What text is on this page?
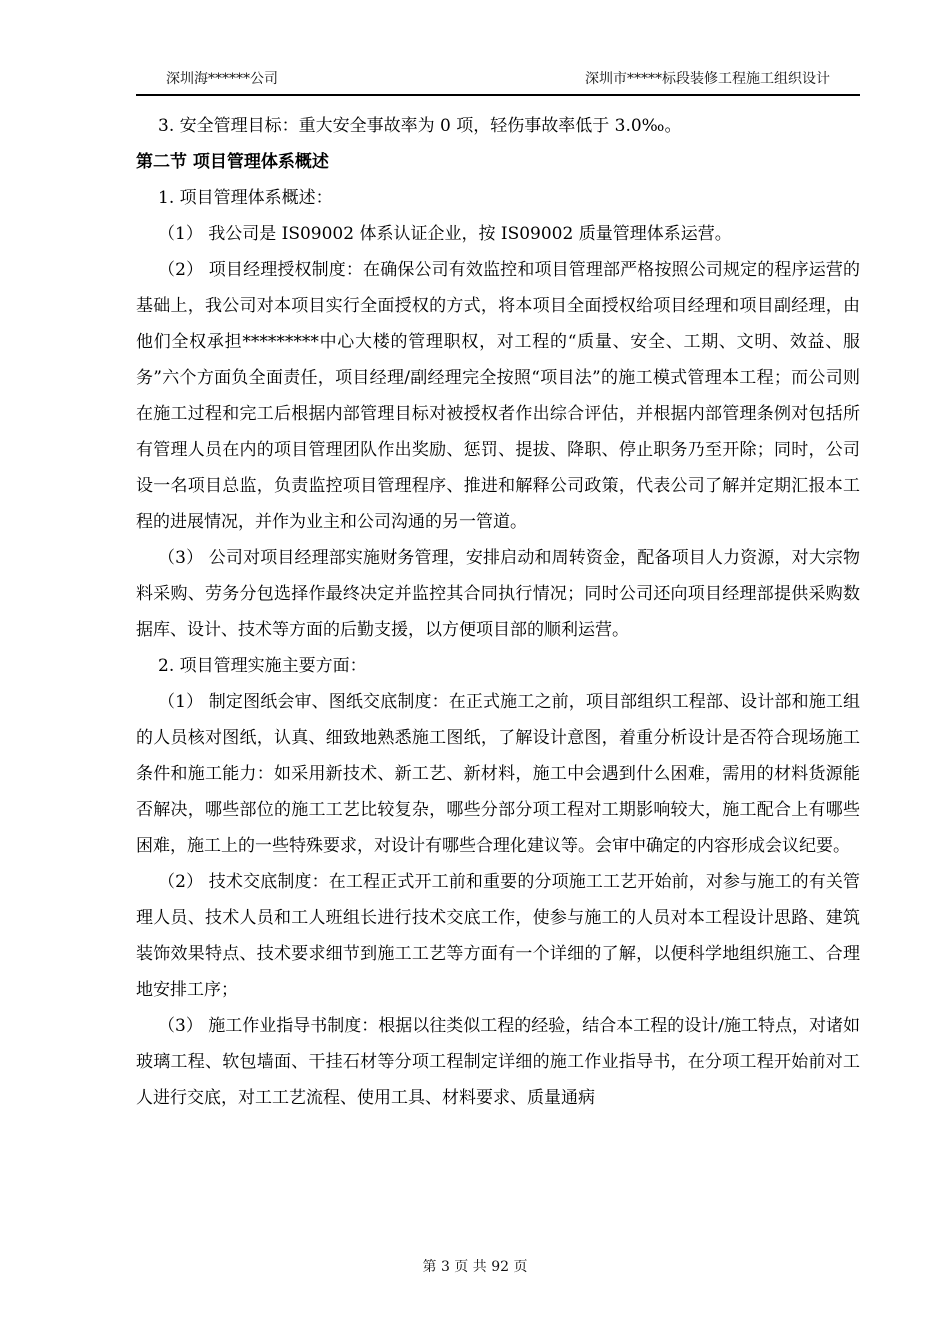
深圳海******公司	深圳市*****标段装修工程施工组织设计

3. 安全管理目标：重大安全事故率为 0 项，轻伤事故率低于 3.0‰。

第二节 项目管理体系概述

1. 项目管理体系概述：

（1） 我公司是 IS09002 体系认证企业，按 IS09002 质量管理体系运营。

（2） 项目经理授权制度：在确保公司有效监控和项目管理部严格按照公司规定的程序运营的基础上，我公司对本项目实行全面授权的方式，将本项目全面授权给项目经理和项目副经理，由他们全权承担*********中心大楼的管理职权，对工程的“质量、安全、工期、文明、效益、服务”六个方面负全面责任，项目经理/副经理完全按照“项目法”的施工模式管理本工程；而公司则在施工过程和完工后根据内部管理目标对被授权者作出综合评估，并根据内部管理条例对包括所有管理人员在内的项目管理团队作出奖励、惩罚、提拔、降职、停止职务乃至开除；同时，公司设一名项目总监，负责监控项目管理程序、推进和解释公司政策，代表公司了解并定期汇报本工程的进展情况，并作为业主和公司沟通的另一管道。

（3） 公司对项目经理部实施财务管理，安排启动和周转资金，配备项目人力资源，对大宗物料采购、劳务分包选择作最终决定并监控其合同执行情况；同时公司还向项目经理部提供采购数据库、设计、技术等方面的后勤支援，以方便项目部的顺利运营。

2. 项目管理实施主要方面：

（1） 制定图纸会审、图纸交底制度：在正式施工之前，项目部组织工程部、设计部和施工组的人员核对图纸，认真、细致地熟悉施工图纸，了解设计意图，着重分析设计是否符合现场施工条件和施工能力：如采用新技术、新工艺、新材料，施工中会遇到什么困难，需用的材料货源能否解决，哪些部位的施工工艺比较复杂，哪些分部分项工程对工期影响较大，施工配合上有哪些困难，施工上的一些特殊要求，对设计有哪些合理化建议等。会审中确定的内容形成会议纪要。

（2） 技术交底制度：在工程正式开工前和重要的分项施工工艺开始前，对参与施工的有关管理人员、技术人员和工人班组长进行技术交底工作，使参与施工的人员对本工程设计思路、建筑装饰效果特点、技术要求细节到施工工艺等方面有一个详细的了解，以便科学地组织施工、合理地安排工序；

（3） 施工作业指导书制度：根据以往类似工程的经验，结合本工程的设计/施工特点，对诸如玻璃工程、软包墙面、干挂石材等分项工程制定详细的施工作业指导书，在分项工程开始前对工人进行交底，对工工艺流程、使用工具、材料要求、质量通病

第 3 页 共 92 页
